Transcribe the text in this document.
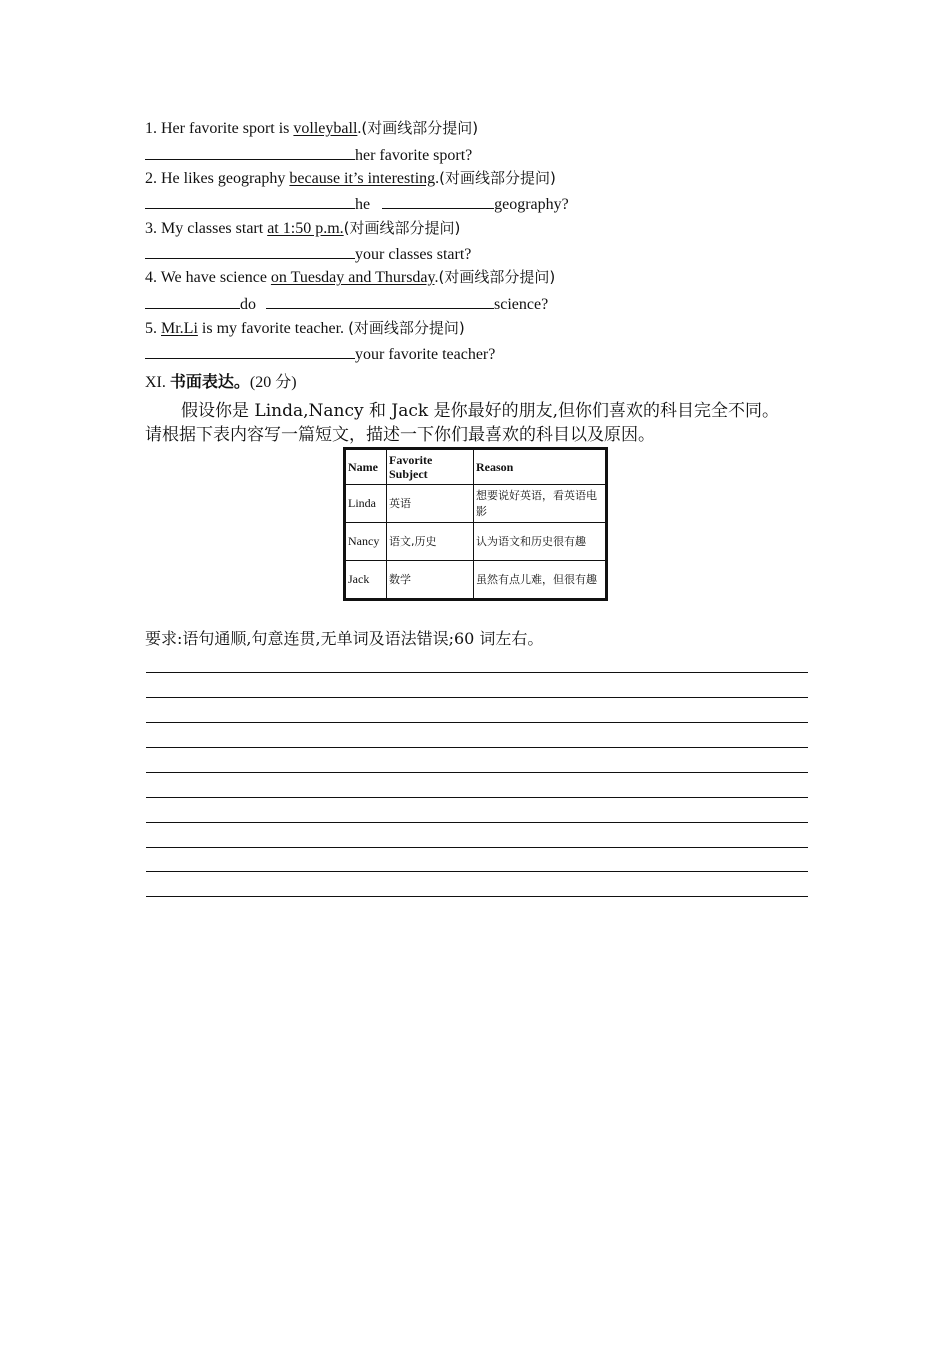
1. Her favorite sport is volleyball.(对画线部分提问)
her favorite sport?
2. He likes geography because it’s interesting.(对画线部分提问)
he	geography?
3. My classes start at 1:50 p.m.(对画线部分提问)
your classes start?
4. We have science on Tuesday and Thursday.(对画线部分提问)
do	science?
5. Mr.Li is my favorite teacher. (对画线部分提问)
your favorite teacher?
XI. 书面表达。(20 分)
假设你是 Linda,Nancy 和 Jack 是你最好的朋友,但你们喜欢的科目完全不同。
请根据下表内容写一篇短文，描述一下你们最喜欢的科目以及原因。
Name	Favorite Subject	Reason
Linda	英语	想要说好英语，看英语电影
Nancy	语文,历史	认为语文和历史很有趣
Jack	数学	虽然有点儿难，但很有趣
要求:语句通顺,句意连贯,无单词及语法错误;60 词左右。
